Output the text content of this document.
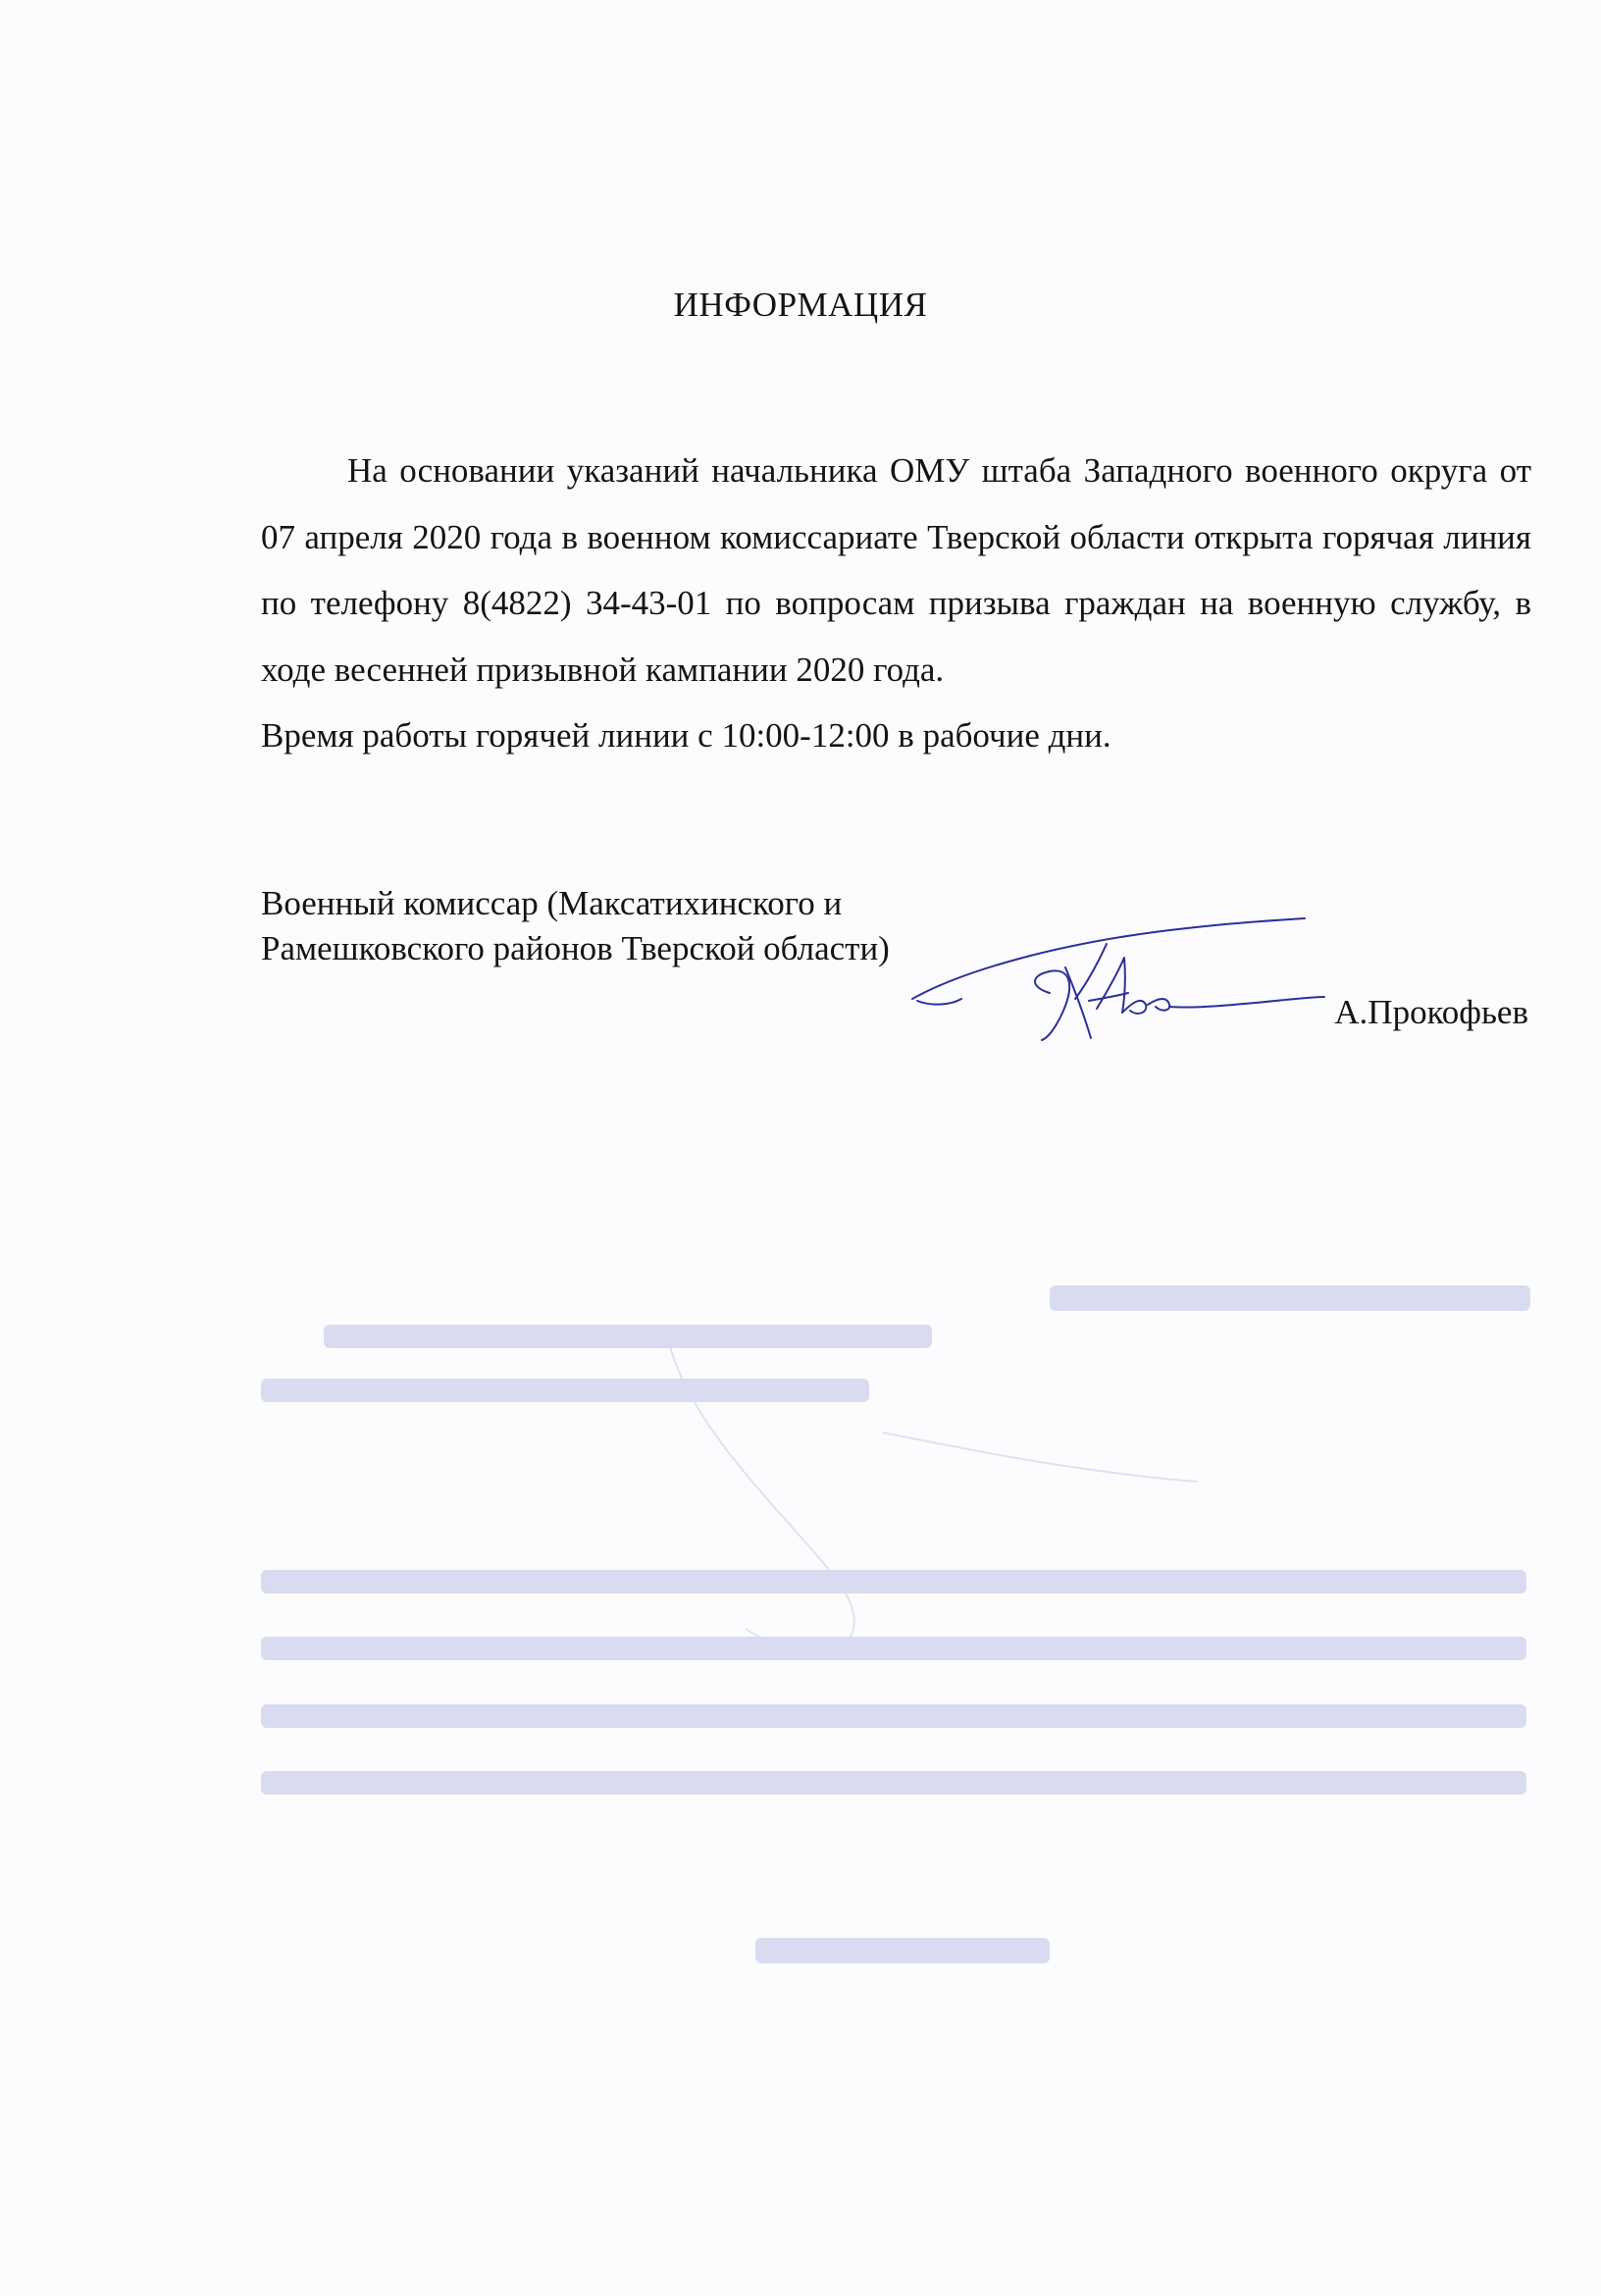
ИНФОРМАЦИЯ

На основании указаний начальника ОМУ штаба Западного военного округа от 07 апреля 2020 года в военном комиссариате Тверской области открыта горячая линия по телефону 8(4822) 34-43-01 по вопросам призыва граждан на военную службу, в ходе весенней призывной кампании 2020 года.

Время работы горячей линии с 10:00-12:00 в рабочие дни.

Военный комиссар (Максатихинского и
Рамешковского районов Тверской области)
А.Прокофьев
